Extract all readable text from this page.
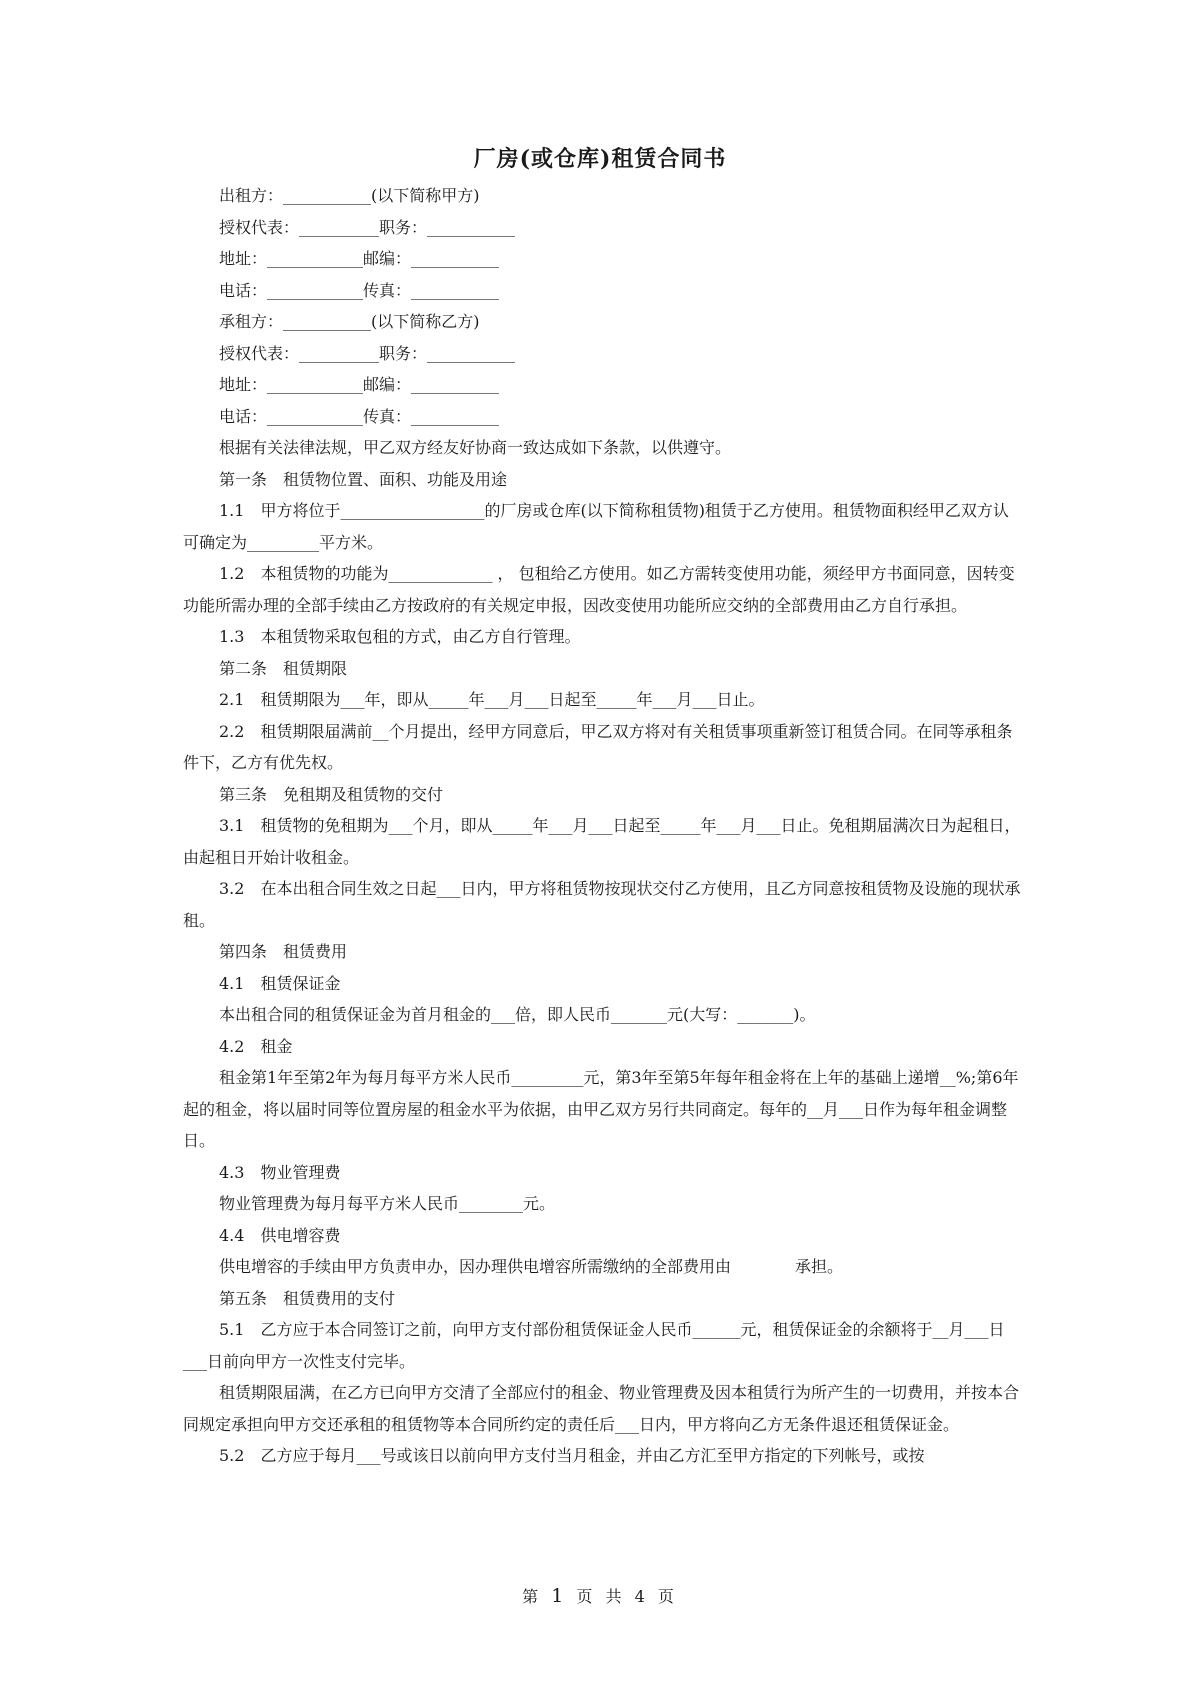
厂房(或仓库)租赁合同书

出租方：___________(以下简称甲方)

授权代表：__________职务：___________

地址：____________邮编：___________

电话：____________传真：___________

承租方：___________(以下简称乙方)

授权代表：__________职务：___________

地址：____________邮编：___________

电话：____________传真：___________

根据有关法律法规，甲乙双方经友好协商一致达成如下条款，以供遵守。

第一条　租赁物位置、面积、功能及用途

1.1　甲方将位于__________________的厂房或仓库(以下简称租赁物)租赁于乙方使用。租赁物面积经甲乙双方认可确定为_________平方米。

1.2　本租赁物的功能为_____________ ， 包租给乙方使用。如乙方需转变使用功能，须经甲方书面同意，因转变功能所需办理的全部手续由乙方按政府的有关规定申报，因改变使用功能所应交纳的全部费用由乙方自行承担。

1.3　本租赁物采取包租的方式，由乙方自行管理。

第二条　租赁期限

2.1　租赁期限为___年，即从_____年___月___日起至_____年___月___日止。

2.2　租赁期限届满前__个月提出，经甲方同意后，甲乙双方将对有关租赁事项重新签订租赁合同。在同等承租条件下，乙方有优先权。

第三条　免租期及租赁物的交付

3.1　租赁物的免租期为___个月，即从_____年___月___日起至_____年___月___日止。免租期届满次日为起租日，由起租日开始计收租金。

3.2　在本出租合同生效之日起___日内，甲方将租赁物按现状交付乙方使用，且乙方同意按租赁物及设施的现状承租。

第四条　租赁费用

4.1　租赁保证金

本出租合同的租赁保证金为首月租金的___倍，即人民币_______元(大写：_______)。

4.2　租金

租金第1年至第2年为每月每平方米人民币_________元，第3年至第5年每年租金将在上年的基础上递增__%;第6年起的租金，将以届时同等位置房屋的租金水平为依据，由甲乙双方另行共同商定。每年的__月___日作为每年租金调整日。

4.3　物业管理费

物业管理费为每月每平方米人民币________元。

4.4　供电增容费

供电增容的手续由甲方负责申办，因办理供电增容所需缴纳的全部费用由　　　　承担。

第五条　租赁费用的支付

5.1　乙方应于本合同签订之前，向甲方支付部份租赁保证金人民币______元，租赁保证金的余额将于__月___日___日前向甲方一次性支付完毕。

租赁期限届满，在乙方已向甲方交清了全部应付的租金、物业管理费及因本租赁行为所产生的一切费用，并按本合同规定承担向甲方交还承租的租赁物等本合同所约定的责任后___日内，甲方将向乙方无条件退还租赁保证金。

5.2　乙方应于每月___号或该日以前向甲方支付当月租金，并由乙方汇至甲方指定的下列帐号，或按

第 1 页 共 4 页
